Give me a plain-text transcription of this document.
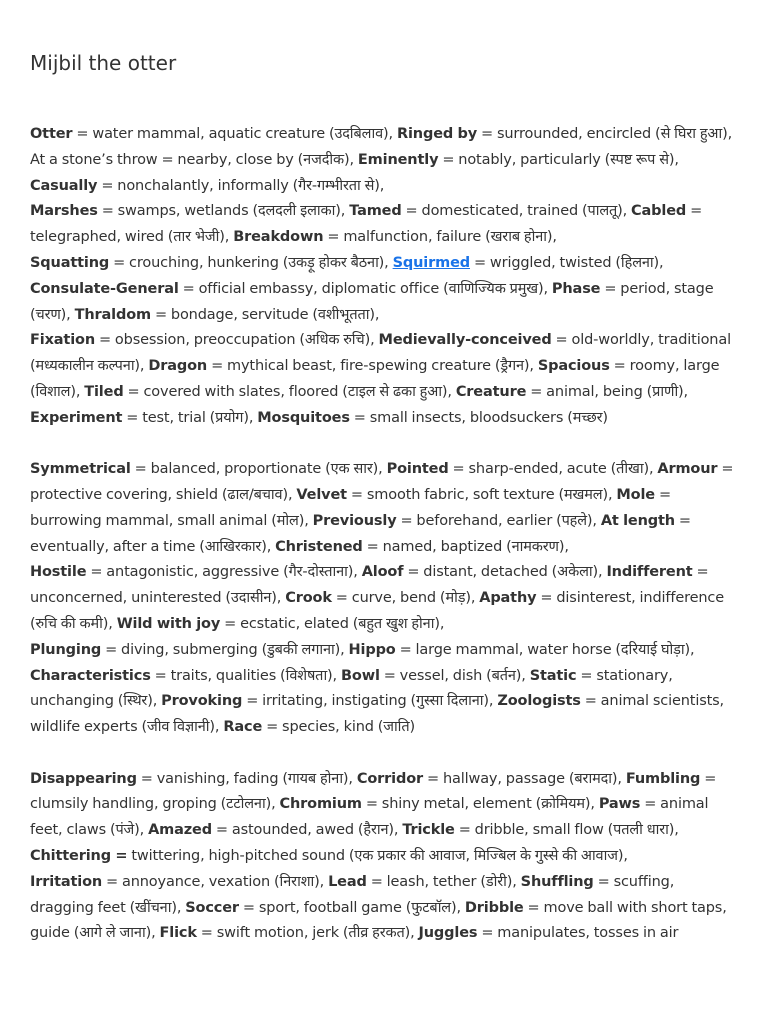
Mijbil the otter

Otter = water mammal, aquatic creature (उदबिलाव), Ringed by = surrounded, encircled (से घिरा हुआ), At a stone’s throw = nearby, close by (नजदीक), Eminently = notably, particularly (स्पष्ट रूप से), Casually = nonchalantly, informally (गैर-गम्भीरता से),
Marshes = swamps, wetlands (दलदली इलाका), Tamed = domesticated, trained (पालतू), Cabled = telegraphed, wired (तार भेजी), Breakdown = malfunction, failure (खराब होना),
Squatting = crouching, hunkering (उकड़ू होकर बैठना), Squirmed = wriggled, twisted (हिलना),
Consulate-General = official embassy, diplomatic office (वाणिज्यिक प्रमुख), Phase = period, stage (चरण), Thraldom = bondage, servitude (वशीभूतता),
Fixation = obsession, preoccupation (अधिक रुचि), Medievally-conceived = old-worldly, traditional (मध्यकालीन कल्पना), Dragon = mythical beast, fire-spewing creature (ड्रैगन), Spacious = roomy, large (विशाल), Tiled = covered with slates, floored (टाइल से ढका हुआ), Creature = animal, being (प्राणी), Experiment = test, trial (प्रयोग), Mosquitoes = small insects, bloodsuckers (मच्छर)

Symmetrical = balanced, proportionate (एक सार), Pointed = sharp-ended, acute (तीखा), Armour = protective covering, shield (ढाल/बचाव), Velvet = smooth fabric, soft texture (मखमल), Mole = burrowing mammal, small animal (मोल), Previously = beforehand, earlier (पहले), At length = eventually, after a time (आखिरकार), Christened = named, baptized (नामकरण),
Hostile = antagonistic, aggressive (गैर-दोस्ताना), Aloof = distant, detached (अकेला), Indifferent = unconcerned, uninterested (उदासीन), Crook = curve, bend (मोड़), Apathy = disinterest, indifference (रुचि की कमी), Wild with joy = ecstatic, elated (बहुत खुश होना),
Plunging = diving, submerging (डुबकी लगाना), Hippo = large mammal, water horse (दरियाई घोड़ा),
Characteristics = traits, qualities (विशेषता), Bowl = vessel, dish (बर्तन), Static = stationary, unchanging (स्थिर), Provoking = irritating, instigating (गुस्सा दिलाना), Zoologists = animal scientists, wildlife experts (जीव विज्ञानी), Race = species, kind (जाति)

Disappearing = vanishing, fading (गायब होना), Corridor = hallway, passage (बरामदा), Fumbling = clumsily handling, groping (टटोलना), Chromium = shiny metal, element (क्रोमियम), Paws = animal feet, claws (पंजे), Amazed = astounded, awed (हैरान), Trickle = dribble, small flow (पतली धारा),
Chittering = twittering, high-pitched sound (एक प्रकार की आवाज, मिज्बिल के गुस्से की आवाज),
Irritation = annoyance, vexation (निराशा), Lead = leash, tether (डोरी), Shuffling = scuffing, dragging feet (खींचना), Soccer = sport, football game (फुटबॉल), Dribble = move ball with short taps, guide (आगे ले जाना), Flick = swift motion, jerk (तीव्र हरकत), Juggles = manipulates, tosses in air
